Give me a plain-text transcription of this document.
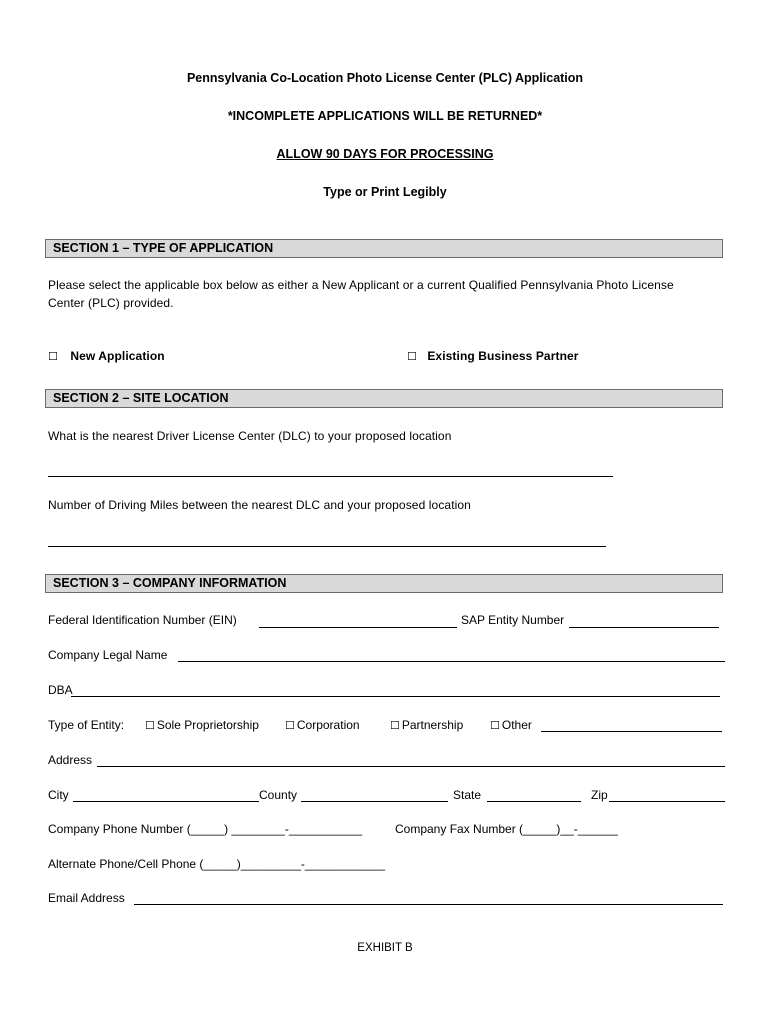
Pennsylvania Co-Location Photo License Center (PLC) Application
*INCOMPLETE APPLICATIONS WILL BE RETURNED*
ALLOW 90 DAYS FOR PROCESSING
Type or Print Legibly
SECTION 1 – TYPE OF APPLICATION
Please select the applicable box below as either a New Applicant or a current Qualified Pennsylvania Photo License
Center (PLC) provided.
☐ New Application	☐ Existing Business Partner
SECTION 2 – SITE LOCATION
What is the nearest Driver License Center (DLC) to your proposed location
Number of Driving Miles between the nearest DLC and your proposed location
SECTION 3 – COMPANY INFORMATION
Federal Identification Number (EIN)	SAP Entity Number
Company Legal Name
DBA
Type of Entity: ☐ Sole Proprietorship ☐ Corporation	☐ Partnership ☐ Other
Address
City	County	State	Zip
Company Phone Number (_____) ________-___________	Company Fax Number (_____)__-______
Alternate Phone/Cell Phone (_____)_________-____________
Email Address
EXHIBIT B
